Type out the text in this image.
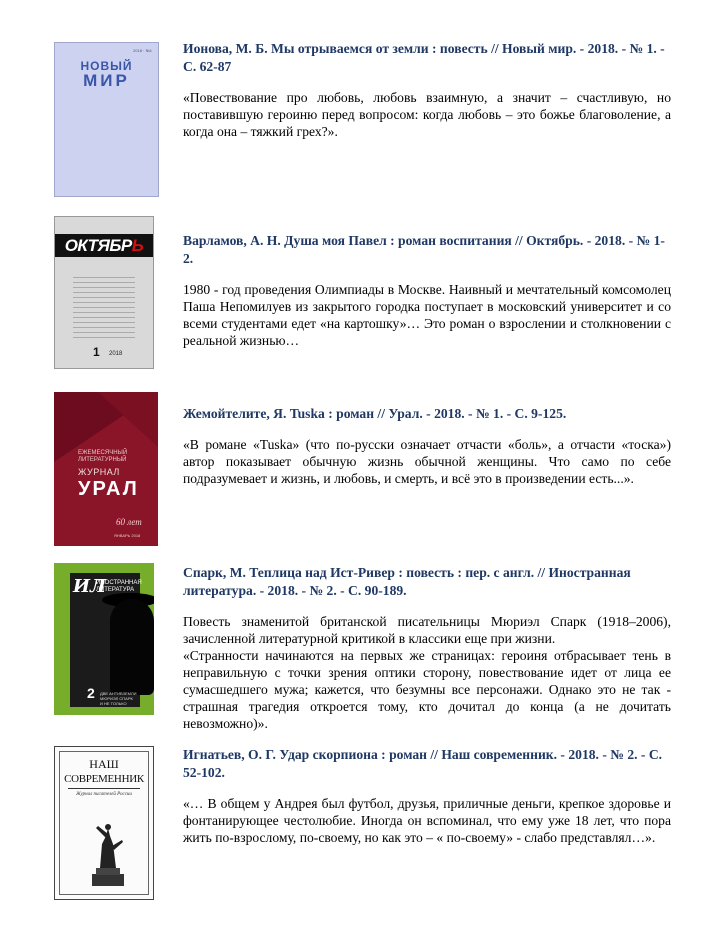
2018 · №1
НОВЫЙ
МИР

Ионова, М. Б. Мы отрываемся от земли : повесть // Новый мир. - 2018. - № 1. - С. 62-87

«Повествование про любовь, любовь взаимную, а значит – счастливую, но поставившую героиню перед вопросом: когда любовь – это божье благоволение, а когда она – тяжкий грех?».

ОКТЯБРЬ
1 2018

Варламов, А. Н. Душа моя Павел : роман воспитания // Октябрь. - 2018. - № 1-2.

1980 - год проведения Олимпиады в Москве. Наивный и мечтательный комсомолец Паша Непомилуев из закрытого городка поступает в московский университет и со всеми студентами едет «на картошку»… Это роман о взрослении и столкновении с реальной жизнью…

ЕЖЕМЕСЯЧНЫЙ
ЛИТЕРАТУРНЫЙ
ЖУРНАЛ
УРАЛ
60 лет
ЯНВАРЬ 2018

Жемойтелите, Я. Tuska : роман // Урал. - 2018. - № 1. - С. 9-125.

«В романе «Tuska» (что по-русски означает отчасти «боль», а отчасти «тоска») автор показывает обычную жизнь обычной женщины. Что само по себе подразумевает и жизнь, и любовь, и смерть, и всё это в произведении есть...».

ИЛ
ИНОСТРАННАЯ
ЛИТЕРАТУРА
2 ДВЕ АНТИВЗЕМЛИ
МЮРИЭЛ СПАРК
И НЕ ТОЛЬКО

Спарк, М. Теплица над Ист-Ривер : повесть : пер. с англ. // Иностранная литература. - 2018. - № 2. - С. 90-189.

Повесть знаменитой британской писательницы Мюриэл Спарк (1918–2006), зачисленной литературной критикой в классики еще при жизни.

«Странности начинаются на первых же страницах: героиня отбрасывает тень в неправильную с точки зрения оптики сторону, повествование идет от лица ее сумасшедшего мужа; кажется, что безумны все персонажи. Однако это не так - страшная трагедия откроется тому, кто дочитал до конца (а не дочитать невозможно)».

НАШ
СОВРЕМЕННИК
Журнал писателей России

Игнатьев, О. Г. Удар скорпиона : роман // Наш современник. - 2018. - № 2. - С. 52-102.

«… В общем у Андрея был футбол, друзья, приличные деньги, крепкое здоровье и фонтанирующее честолюбие. Иногда он вспоминал, что ему уже 18 лет, что пора жить по-взрослому, по-своему, но как это – « по-своему» - слабо представлял…».
